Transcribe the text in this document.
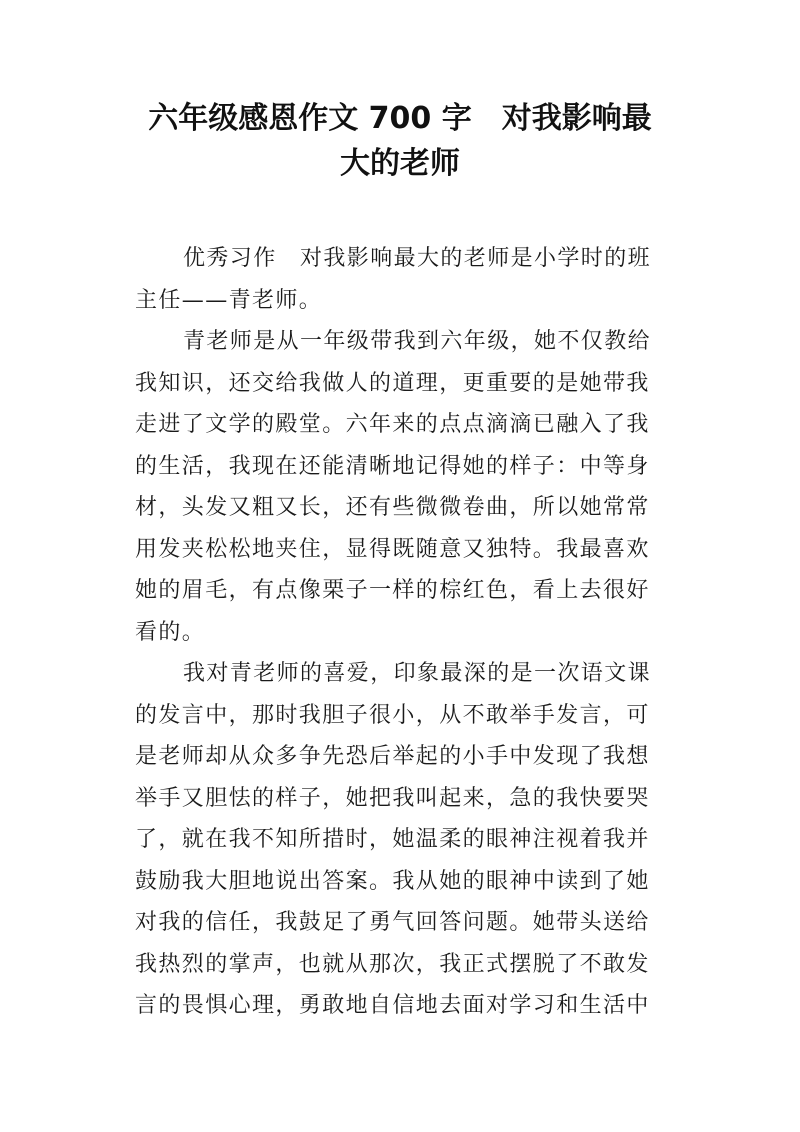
六年级感恩作文 700 字　对我影响最
大的老师
优秀习作　对我影响最大的老师是小学时的班
主任——青老师。
青老师是从一年级带我到六年级，她不仅教给
我知识，还交给我做人的道理，更重要的是她带我
走进了文学的殿堂。六年来的点点滴滴已融入了我
的生活，我现在还能清晰地记得她的样子：中等身
材，头发又粗又长，还有些微微卷曲，所以她常常
用发夹松松地夹住，显得既随意又独特。我最喜欢
她的眉毛，有点像栗子一样的棕红色，看上去很好
看的。
我对青老师的喜爱，印象最深的是一次语文课
的发言中，那时我胆子很小，从不敢举手发言，可
是老师却从众多争先恐后举起的小手中发现了我想
举手又胆怯的样子，她把我叫起来，急的我快要哭
了，就在我不知所措时，她温柔的眼神注视着我并
鼓励我大胆地说出答案。我从她的眼神中读到了她
对我的信任，我鼓足了勇气回答问题。她带头送给
我热烈的掌声，也就从那次，我正式摆脱了不敢发
言的畏惧心理，勇敢地自信地去面对学习和生活中
